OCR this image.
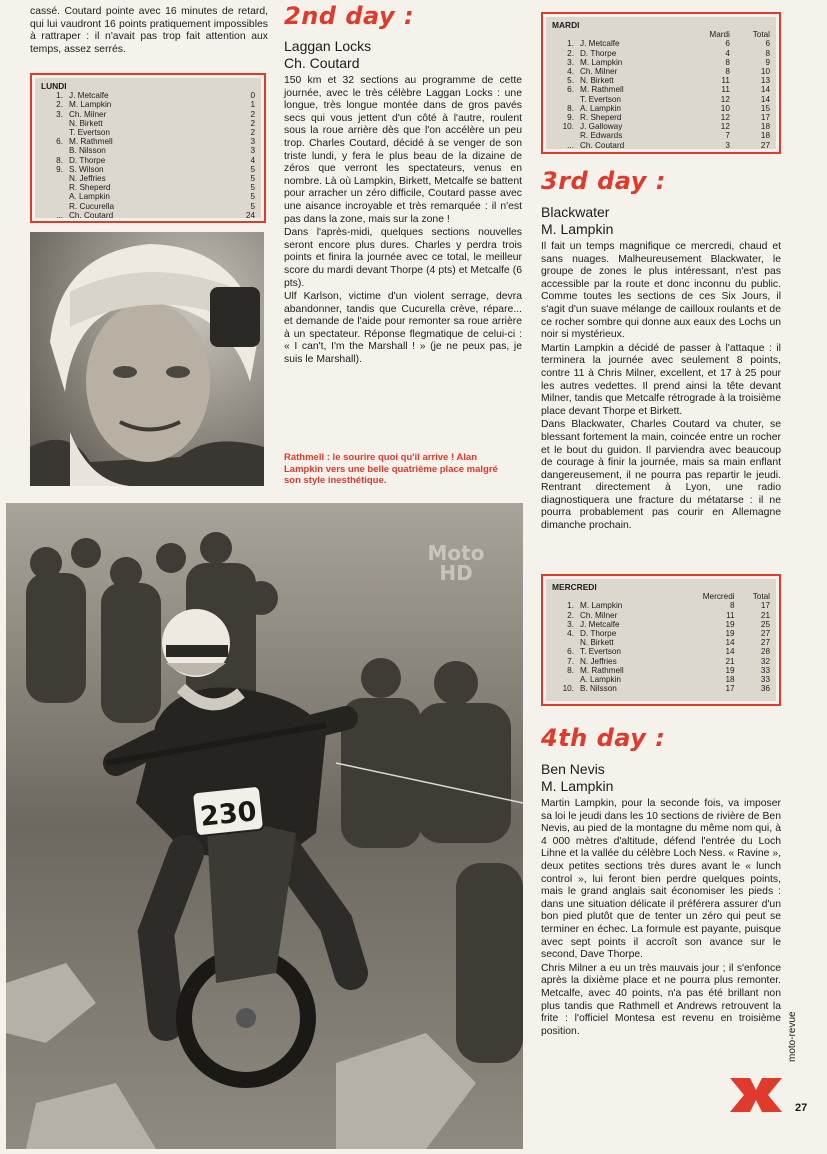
cassé. Coutard pointe avec 16 minutes de retard, qui lui vaudront 16 points pratiquement impossibles à rattraper : il n'avait pas trop fait attention aux temps, assez serrés.

LUNDI
1.	J. Metcalfe	0
2.	M. Lampkin	1
3.	Ch. Milner	2
	N. Birkett	2
	T. Evertson	2
6.	M. Rathmell	3
	B. Nilsson	3
8.	D. Thorpe	4
9.	S. Wilson	5
	N. Jeffries	5
	R. Sheperd	5
	A. Lampkin	5
	R. Cucurella	5
...	Ch. Coutard	24
Rathmell : le sourire quoi qu'il arrive ! Alan Lampkin vers une belle quatrième place malgré son style inesthétique.
230
Moto HD
2nd day :
Laggan Locks
Ch. Coutard

150 km et 32 sections au programme de cette journée, avec le très célèbre Laggan Locks : une longue, très longue montée dans de gros pavés secs qui vous jettent d'un côté à l'autre, roulent sous la roue arrière dès que l'on accélère un peu trop. Charles Coutard, décidé à se venger de son triste lundi, y fera le plus beau de la dizaine de zéros que verront les spectateurs, venus en nombre. Là où Lampkin, Birkett, Metcalfe se battent pour arracher un zéro difficile, Coutard passe avec une aisance incroyable et très remarquée : il n'est pas dans la zone, mais sur la zone !

Dans l'après-midi, quelques sections nouvelles seront encore plus dures. Charles y perdra trois points et finira la journée avec ce total, le meilleur score du mardi devant Thorpe (4 pts) et Metcalfe (6 pts).

Ulf Karlson, victime d'un violent serrage, devra abandonner, tandis que Cucurella crève, répare... et demande de l'aide pour remonter sa roue arrière à un spectateur. Réponse flegmatique de celui-ci : « I can't, I'm the Marshall ! » (je ne peux pas, je suis le Marshall).

MARDI
		Mardi	Total
1.	J. Metcalfe	6	6
2.	D. Thorpe	4	8
3.	M. Lampkin	8	9
4.	Ch. Milner	8	10
5.	N. Birkett	11	13
6.	M. Rathmell	11	14
	T. Evertson	12	14
8.	A. Lampkin	10	15
9.	R. Sheperd	12	17
10.	J. Galloway	12	18
	R. Edwards	7	18
...	Ch. Coutard	3	27
3rd day :
Blackwater
M. Lampkin

Il fait un temps magnifique ce mercredi, chaud et sans nuages. Malheureusement Blackwater, le groupe de zones le plus intéressant, n'est pas accessible par la route et donc inconnu du public. Comme toutes les sections de ces Six Jours, il s'agit d'un suave mélange de cailloux roulants et de ce rocher sombre qui donne aux eaux des Lochs un noir si mystérieux.

Martin Lampkin a décidé de passer à l'attaque : il terminera la journée avec seulement 8 points, contre 11 à Chris Milner, excellent, et 17 à 25 pour les autres vedettes. Il prend ainsi la tête devant Milner, tandis que Metcalfe rétrograde à la troisième place devant Thorpe et Birkett.

Dans Blackwater, Charles Coutard va chuter, se blessant fortement la main, coincée entre un rocher et le bout du guidon. Il parviendra avec beaucoup de courage à finir la journée, mais sa main enflant dangereusement, il ne pourra pas repartir le jeudi. Rentrant directement à Lyon, une radio diagnostiquera une fracture du métatarse : il ne pourra probablement pas courir en Allemagne dimanche prochain.

MERCREDI
		Mercredi	Total
1.	M. Lampkin	8	17
2.	Ch. Milner	11	21
3.	J. Metcalfe	19	25
4.	D. Thorpe	19	27
	N. Birkett	14	27
6.	T. Evertson	14	28
7.	N. Jeffries	21	32
8.	M. Rathmell	19	33
	A. Lampkin	18	33
10.	B. Nilsson	17	36
4th day :
Ben Nevis
M. Lampkin

Martin Lampkin, pour la seconde fois, va imposer sa loi le jeudi dans les 10 sections de rivière de Ben Nevis, au pied de la montagne du même nom qui, à 4 000 mètres d'altitude, défend l'entrée du Loch Lihne et la vallée du célèbre Loch Ness. « Ravine », deux petites sections très dures avant le « lunch control », lui feront bien perdre quelques points, mais le grand anglais sait économiser les pieds : dans une situation délicate il préférera assurer d'un bon pied plutôt que de tenter un zéro qui peut se terminer en échec. La formule est payante, puisque avec sept points il accroît son avance sur le second, Dave Thorpe.

Chris Milner a eu un très mauvais jour ; il s'enfonce après la dixième place et ne pourra plus remonter. Metcalfe, avec 40 points, n'a pas été brillant non plus tandis que Rathmell et Andrews retrouvent la frite : l'officiel Montesa est revenu en troisième position.	moto-revue
27
